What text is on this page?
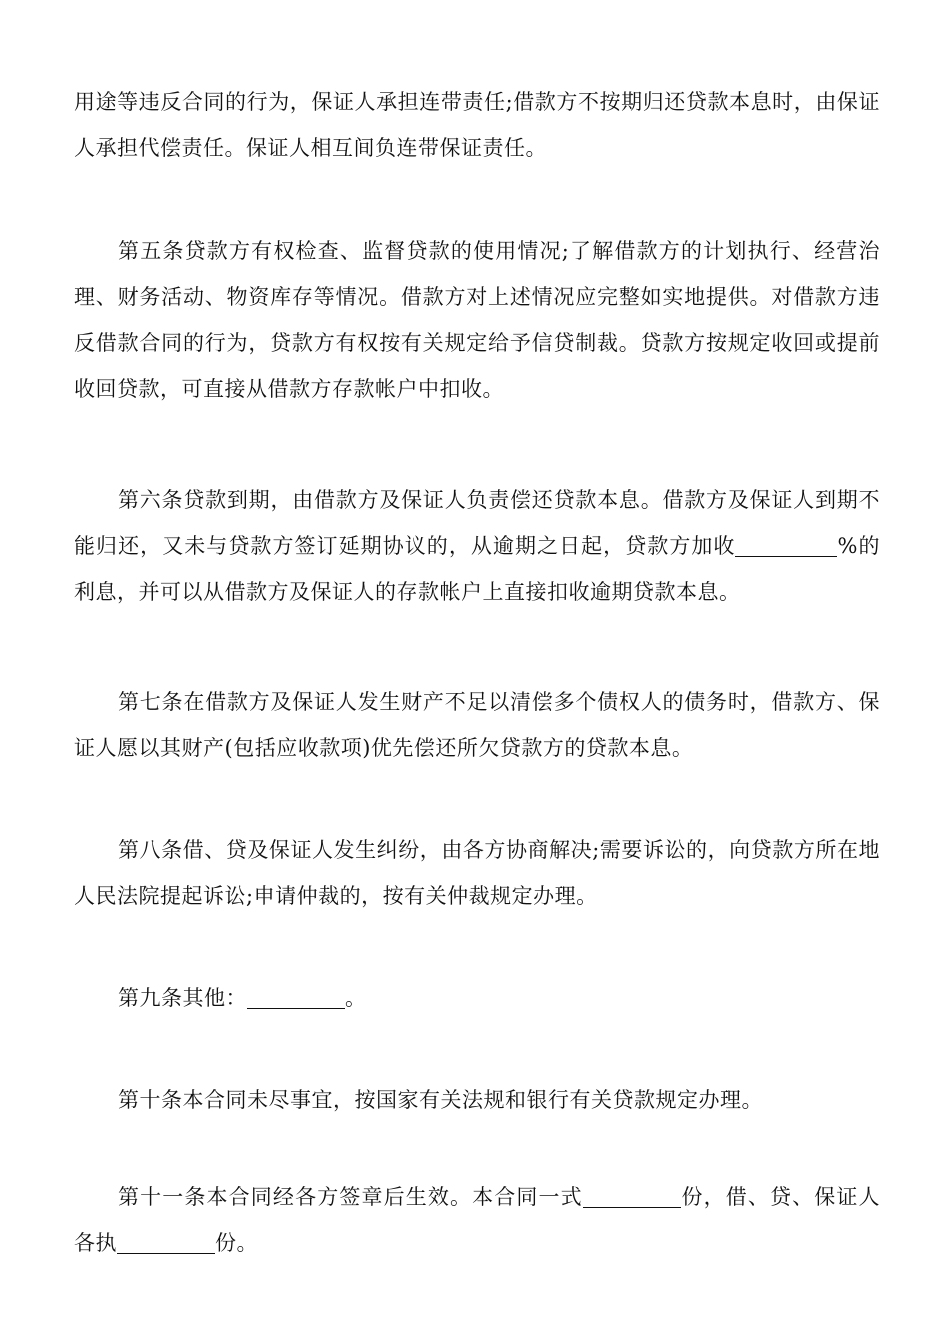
用途等违反合同的行为，保证人承担连带责任;借款方不按期归还贷款本息时，由保证人承担代偿责任。保证人相互间负连带保证责任。

第五条贷款方有权检查、监督贷款的使用情况;了解借款方的计划执行、经营治理、财务活动、物资库存等情况。借款方对上述情况应完整如实地提供。对借款方违反借款合同的行为，贷款方有权按有关规定给予信贷制裁。贷款方按规定收回或提前收回贷款，可直接从借款方存款帐户中扣收。

第六条贷款到期，由借款方及保证人负责偿还贷款本息。借款方及保证人到期不能归还，又未与贷款方签订延期协议的，从逾期之日起，贷款方加收	%的利息，并可以从借款方及保证人的存款帐户上直接扣收逾期贷款本息。

第七条在借款方及保证人发生财产不足以清偿多个债权人的债务时，借款方、保证人愿以其财产(包括应收款项)优先偿还所欠贷款方的贷款本息。

第八条借、贷及保证人发生纠纷，由各方协商解决;需要诉讼的，向贷款方所在地人民法院提起诉讼;申请仲裁的，按有关仲裁规定办理。

第九条其他：	。

第十条本合同未尽事宜，按国家有关法规和银行有关贷款规定办理。

第十一条本合同经各方签章后生效。本合同一式	份，借、贷、保证人各执	份。
